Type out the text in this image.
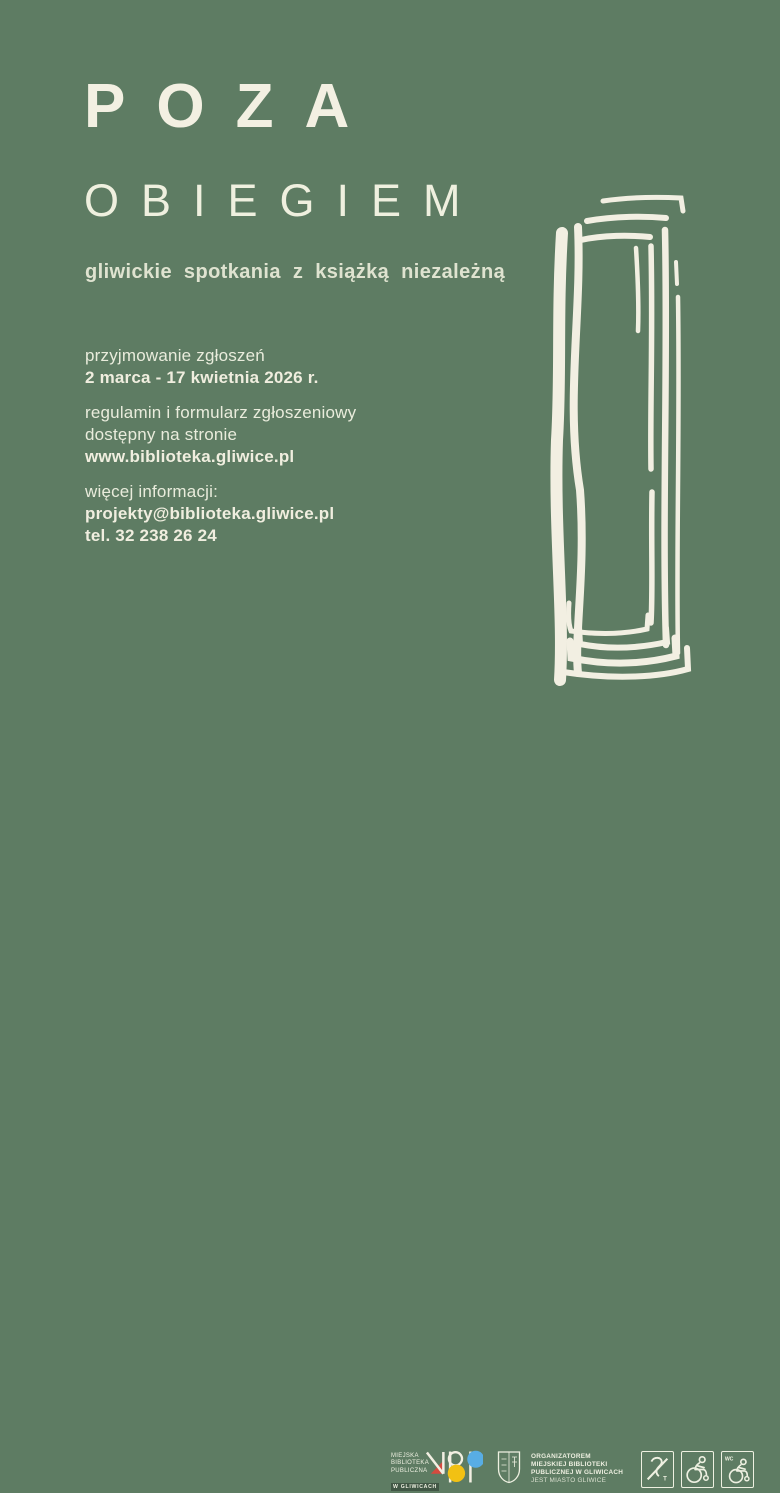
POZA
OBIEGIEM

gliwickie spotkania z książką niezależną

przyjmowanie zgłoszeń

2 marca - 17 kwietnia 2026 r.

regulamin i formularz zgłoszeniowy

dostępny na stronie

www.biblioteka.gliwice.pl

więcej informacji:

projekty@biblioteka.gliwice.pl

tel. 32 238 26 24

MIEJSKA
BIBLIOTEKA
PUBLICZNA
W GLIWICACH
ORGANIZATOREM
MIEJSKIEJ BIBLIOTEKI
PUBLICZNEJ W GLIWICACH
JEST MIASTO GLIWICE	T
WC
